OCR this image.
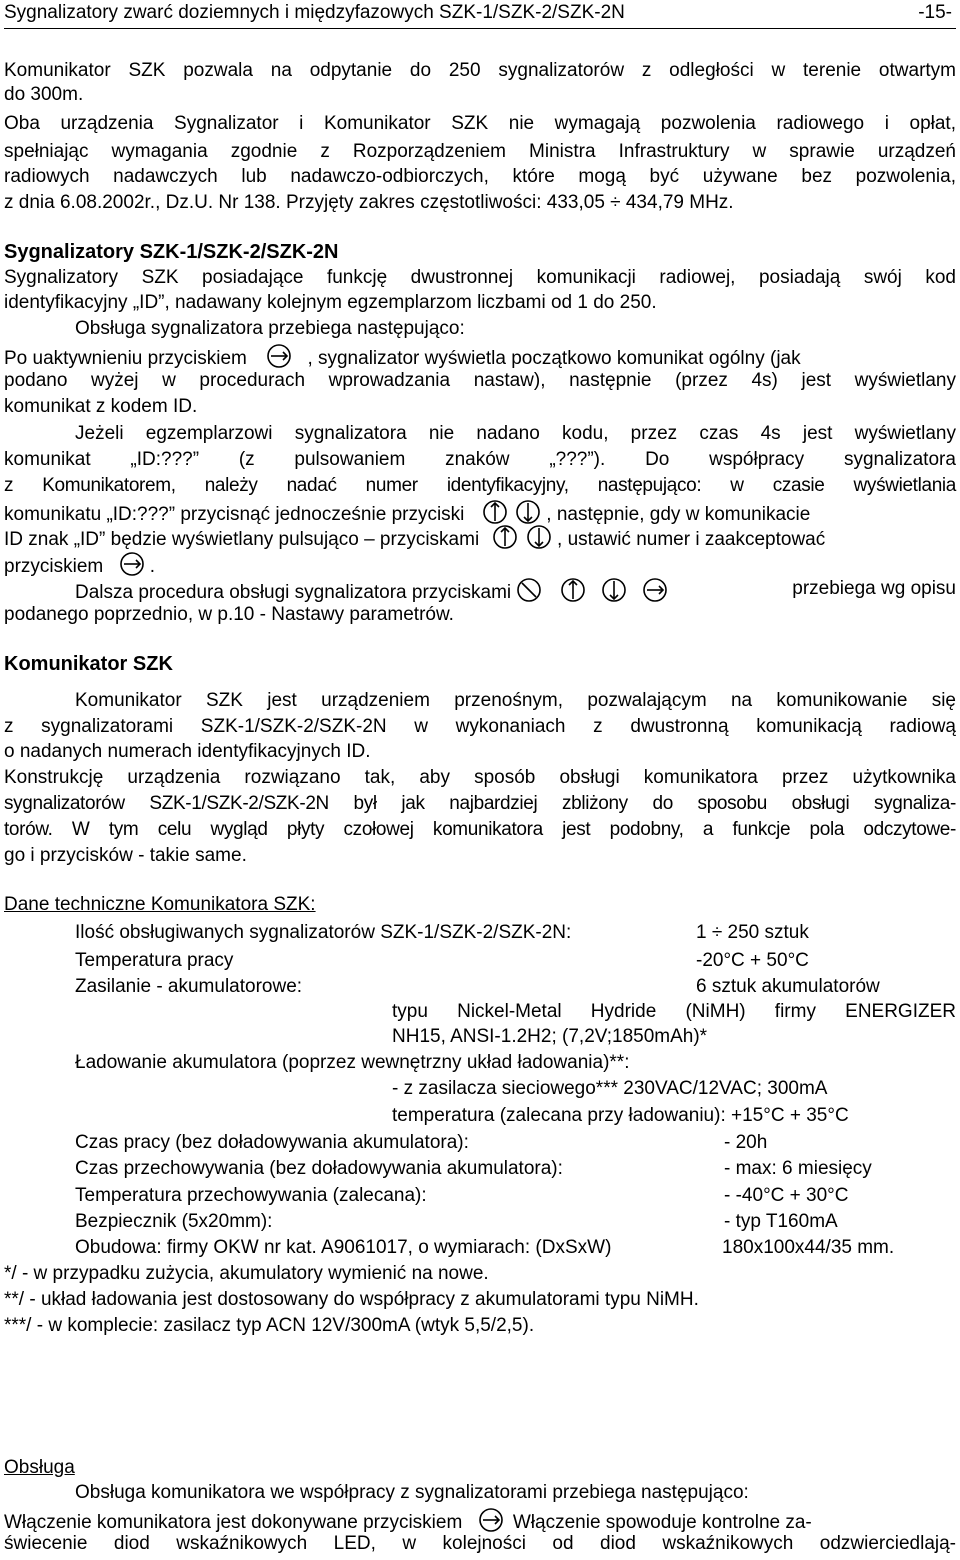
Sygnalizatory zwarć doziemnych i międzyfazowych SZK-1/SZK-2/SZK-2N	-15-
Komunikator SZK pozwala na odpytanie do 250 sygnalizatorów z odległości w terenie otwartym
do 300m.
Oba urządzenia Sygnalizator i Komunikator SZK nie wymagają pozwolenia radiowego i opłat,
spełniając wymagania zgodnie z Rozporządzeniem Ministra Infrastruktury w sprawie urządzeń
radiowych nadawczych lub nadawczo-odbiorczych, które mogą być używane bez pozwolenia,
z dnia 6.08.2002r., Dz.U. Nr 138. Przyjęty zakres częstotliwości: 433,05 ÷ 434,79 MHz.
Sygnalizatory SZK-1/SZK-2/SZK-2N
Sygnalizatory SZK posiadające funkcję dwustronnej komunikacji radiowej, posiadają swój kod
identyfikacyjny „ID”, nadawany kolejnym egzemplarzom liczbami od 1 do 250.
Obsługa sygnalizatora przebiega następująco:
Po uaktywnieniu przyciskiem	, sygnalizator wyświetla początkowo komunikat ogólny (jak
podano wyżej w procedurach wprowadzania nastaw), następnie (przez 4s) jest wyświetlany
komunikat z kodem ID.
Jeżeli egzemplarzowi sygnalizatora nie nadano kodu, przez czas 4s jest wyświetlany
komunikat „ID:???” (z pulsowaniem znaków „???”). Do współpracy sygnalizatora
z Komunikatorem, należy nadać numer identyfikacyjny, następująco: w czasie wyświetlania
komunikatu „ID:???” przycisnąć jednocześnie przyciski	, następnie, gdy w komunikacie
ID znak „ID” będzie wyświetlany pulsująco – przyciskami	, ustawić numer i zaakceptować
przyciskiem .
Dalsza procedura obsługi sygnalizatora przyciskami	przebiega wg opisu
podanego poprzednio, w p.10 - Nastawy parametrów.
Komunikator SZK
Komunikator SZK jest urządzeniem przenośnym, pozwalającym na komunikowanie się
z sygnalizatorami SZK-1/SZK-2/SZK-2N w wykonaniach z dwustronną komunikacją radiową
o nadanych numerach identyfikacyjnych ID.
Konstrukcję urządzenia rozwiązano tak, aby sposób obsługi komunikatora przez użytkownika
sygnalizatorów SZK-1/SZK-2/SZK-2N był jak najbardziej zbliżony do sposobu obsługi sygnaliza-
torów. W tym celu wygląd płyty czołowej komunikatora jest podobny, a funkcje pola odczytowe-
go i przycisków - takie same.
Dane techniczne Komunikatora SZK:
Ilość obsługiwanych sygnalizatorów SZK-1/SZK-2/SZK-2N:	1 ÷ 250 sztuk
Temperatura pracy	-20°C + 50°C
Zasilanie - akumulatorowe:	6 sztuk akumulatorów
typu Nickel-Metal Hydride (NiMH) firmy ENERGIZER
NH15, ANSI-1.2H2; (7,2V;1850mAh)*
Ładowanie akumulatora (poprzez wewnętrzny układ ładowania)**:
- z zasilacza sieciowego*** 230VAC/12VAC; 300mA
temperatura (zalecana przy ładowaniu): +15°C + 35°C
Czas pracy (bez doładowywania akumulatora):	- 20h
Czas przechowywania (bez doładowywania akumulatora):	- max: 6 miesięcy
Temperatura przechowywania (zalecana):	- -40°C + 30°C
Bezpiecznik (5x20mm):	- typ T160mA
Obudowa: firmy OKW nr kat. A9061017, o wymiarach: (DxSxW)	180x100x44/35 mm.
*/ - w przypadku zużycia, akumulatory wymienić na nowe.
**/ - układ ładowania jest dostosowany do współpracy z akumulatorami typu NiMH.
***/ - w komplecie: zasilacz typ ACN 12V/300mA (wtyk 5,5/2,5).
Obsługa
Obsługa komunikatora we współpracy z sygnalizatorami przebiega następująco:
Włączenie komunikatora jest dokonywane przyciskiem	Włączenie spowoduje kontrolne za-
świecenie diod wskaźnikowych LED, w kolejności od diod wskaźnikowych odzwierciedlają-
